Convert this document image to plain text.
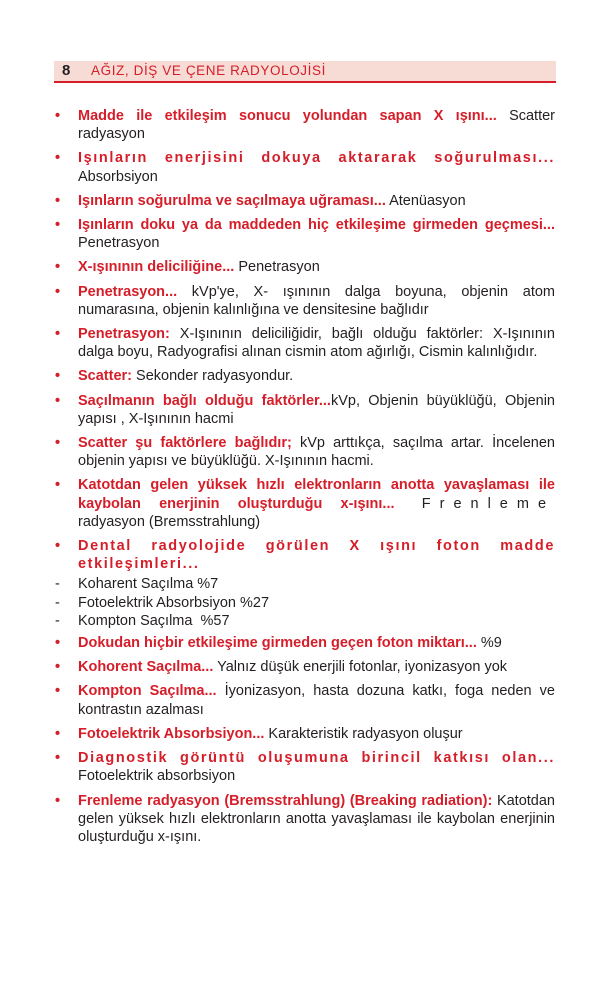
8 AĞIZ, DİŞ VE ÇENE RADYOLOJİSİ
• Madde ile etkileşim sonucu yolundan sapan X ışını... Scatter radyasyon
• Işınların enerjisini dokuya aktararak soğurulması... Absorbsiyon
• Işınların soğurulma ve saçılmaya uğraması... Atenüasyon
• Işınların doku ya da maddeden hiç etkileşime girmeden geçmesi... Penetrasyon
• X-ışınının deliciliğine... Penetrasyon
• Penetrasyon... kVp'ye, X- ışınının dalga boyuna, objenin atom numarasına, objenin kalınlığına ve densitesine bağlıdır
• Penetrasyon: X-Işınının deliciliğidir, bağlı olduğu faktörler: X-Işınının dalga boyu, Radyografisi alınan cismin atom ağırlığı, Cismin kalınlığıdır.
• Scatter: Sekonder radyasyondur.
• Saçılmanın bağlı olduğu faktörler...kVp, Objenin büyüklüğü, Objenin yapısı , X-Işınının hacmi
• Scatter şu faktörlere bağlıdır; kVp arttıkça, saçılma artar. İncelenen objenin yapısı ve büyüklüğü. X-Işınının hacmi.
• Katotdan gelen yüksek hızlı elektronların anotta yavaşlaması ile kaybolan enerjinin oluşturduğu x-ışını... Frenleme radyasyon (Bremsstrahlung)
• Dental radyolojide görülen X ışını foton madde etkileşimleri...
- Koharent Saçılma %7
- Fotoelektrik Absorbsiyon %27
- Kompton Saçılma  %57
• Dokudan hiçbir etkileşime girmeden geçen foton miktarı... %9
• Kohorent Saçılma... Yalnız düşük enerjili fotonlar, iyonizasyon yok
• Kompton Saçılma... İyonizasyon, hasta dozuna katkı, foga neden ve kontrastın azalması
• Fotoelektrik Absorbsiyon... Karakteristik radyasyon oluşur
• Diagnostik görüntü oluşumuna birincil katkısı olan... Fotoelektrik absorbsiyon
• Frenleme radyasyon (Bremsstrahlung) (Breaking radiation): Katotdan gelen yüksek hızlı elektronların anotta yavaşlaması ile kaybolan enerjinin oluşturduğu x-ışını.
